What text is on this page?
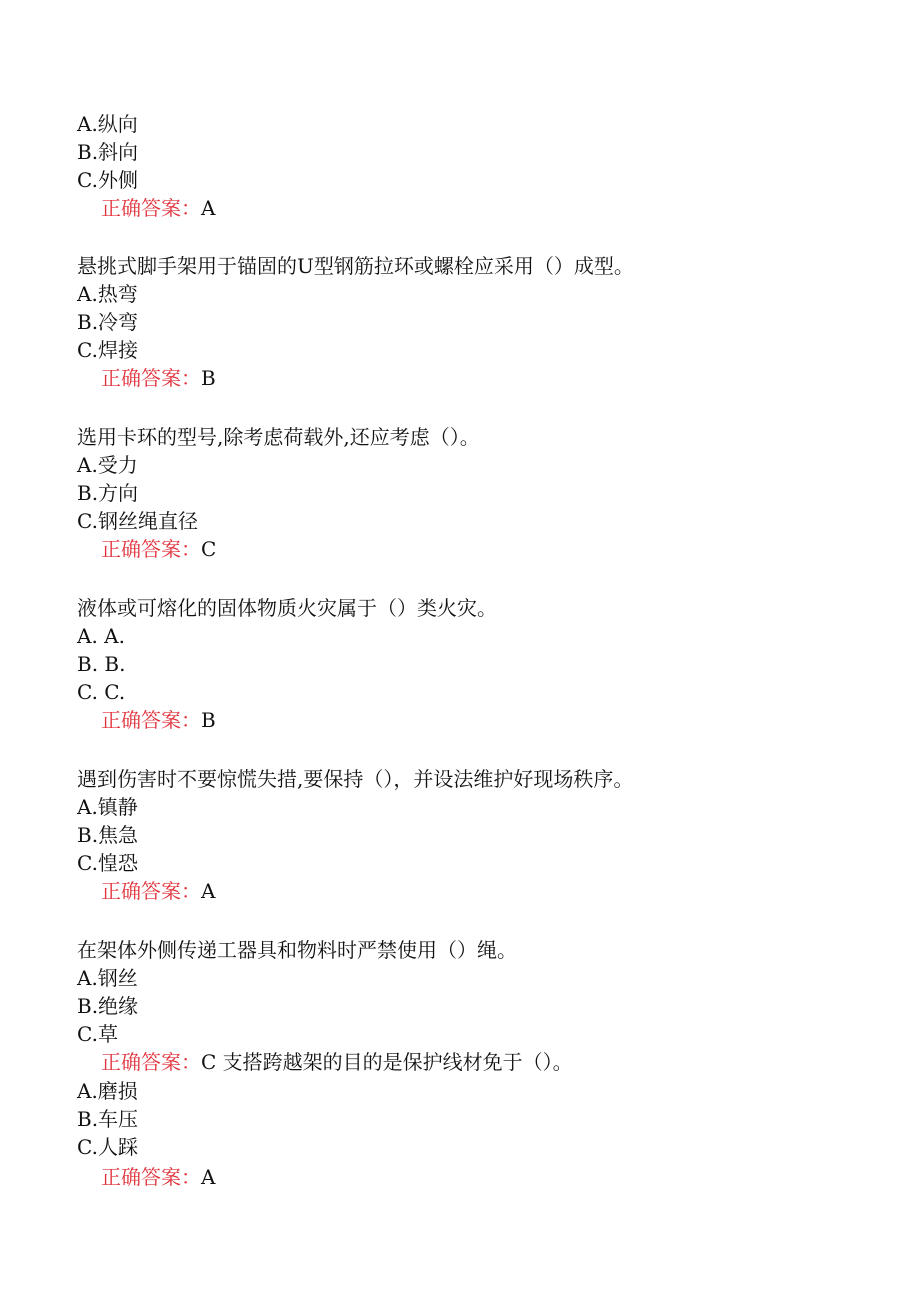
A.纵向
B.斜向
C.外侧
正确答案：A
悬挑式脚手架用于锚固的U型钢筋拉环或螺栓应采用（）成型。
A.热弯
B.冷弯
C.焊接
正确答案：B
选用卡环的型号,除考虑荷载外,还应考虑（）。
A.受力
B.方向
C.钢丝绳直径
正确答案：C
液体或可熔化的固体物质火灾属于（）类火灾。
A. A.
B. B.
C. C.
正确答案：B
遇到伤害时不要惊慌失措,要保持（），并设法维护好现场秩序。
A.镇静
B.焦急
C.惶恐
正确答案：A
在架体外侧传递工器具和物料时严禁使用（）绳。
A.钢丝
B.绝缘
C.草
正确答案：C 支搭跨越架的目的是保护线材免于（）。
A.磨损
B.车压
C.人踩
正确答案：A
